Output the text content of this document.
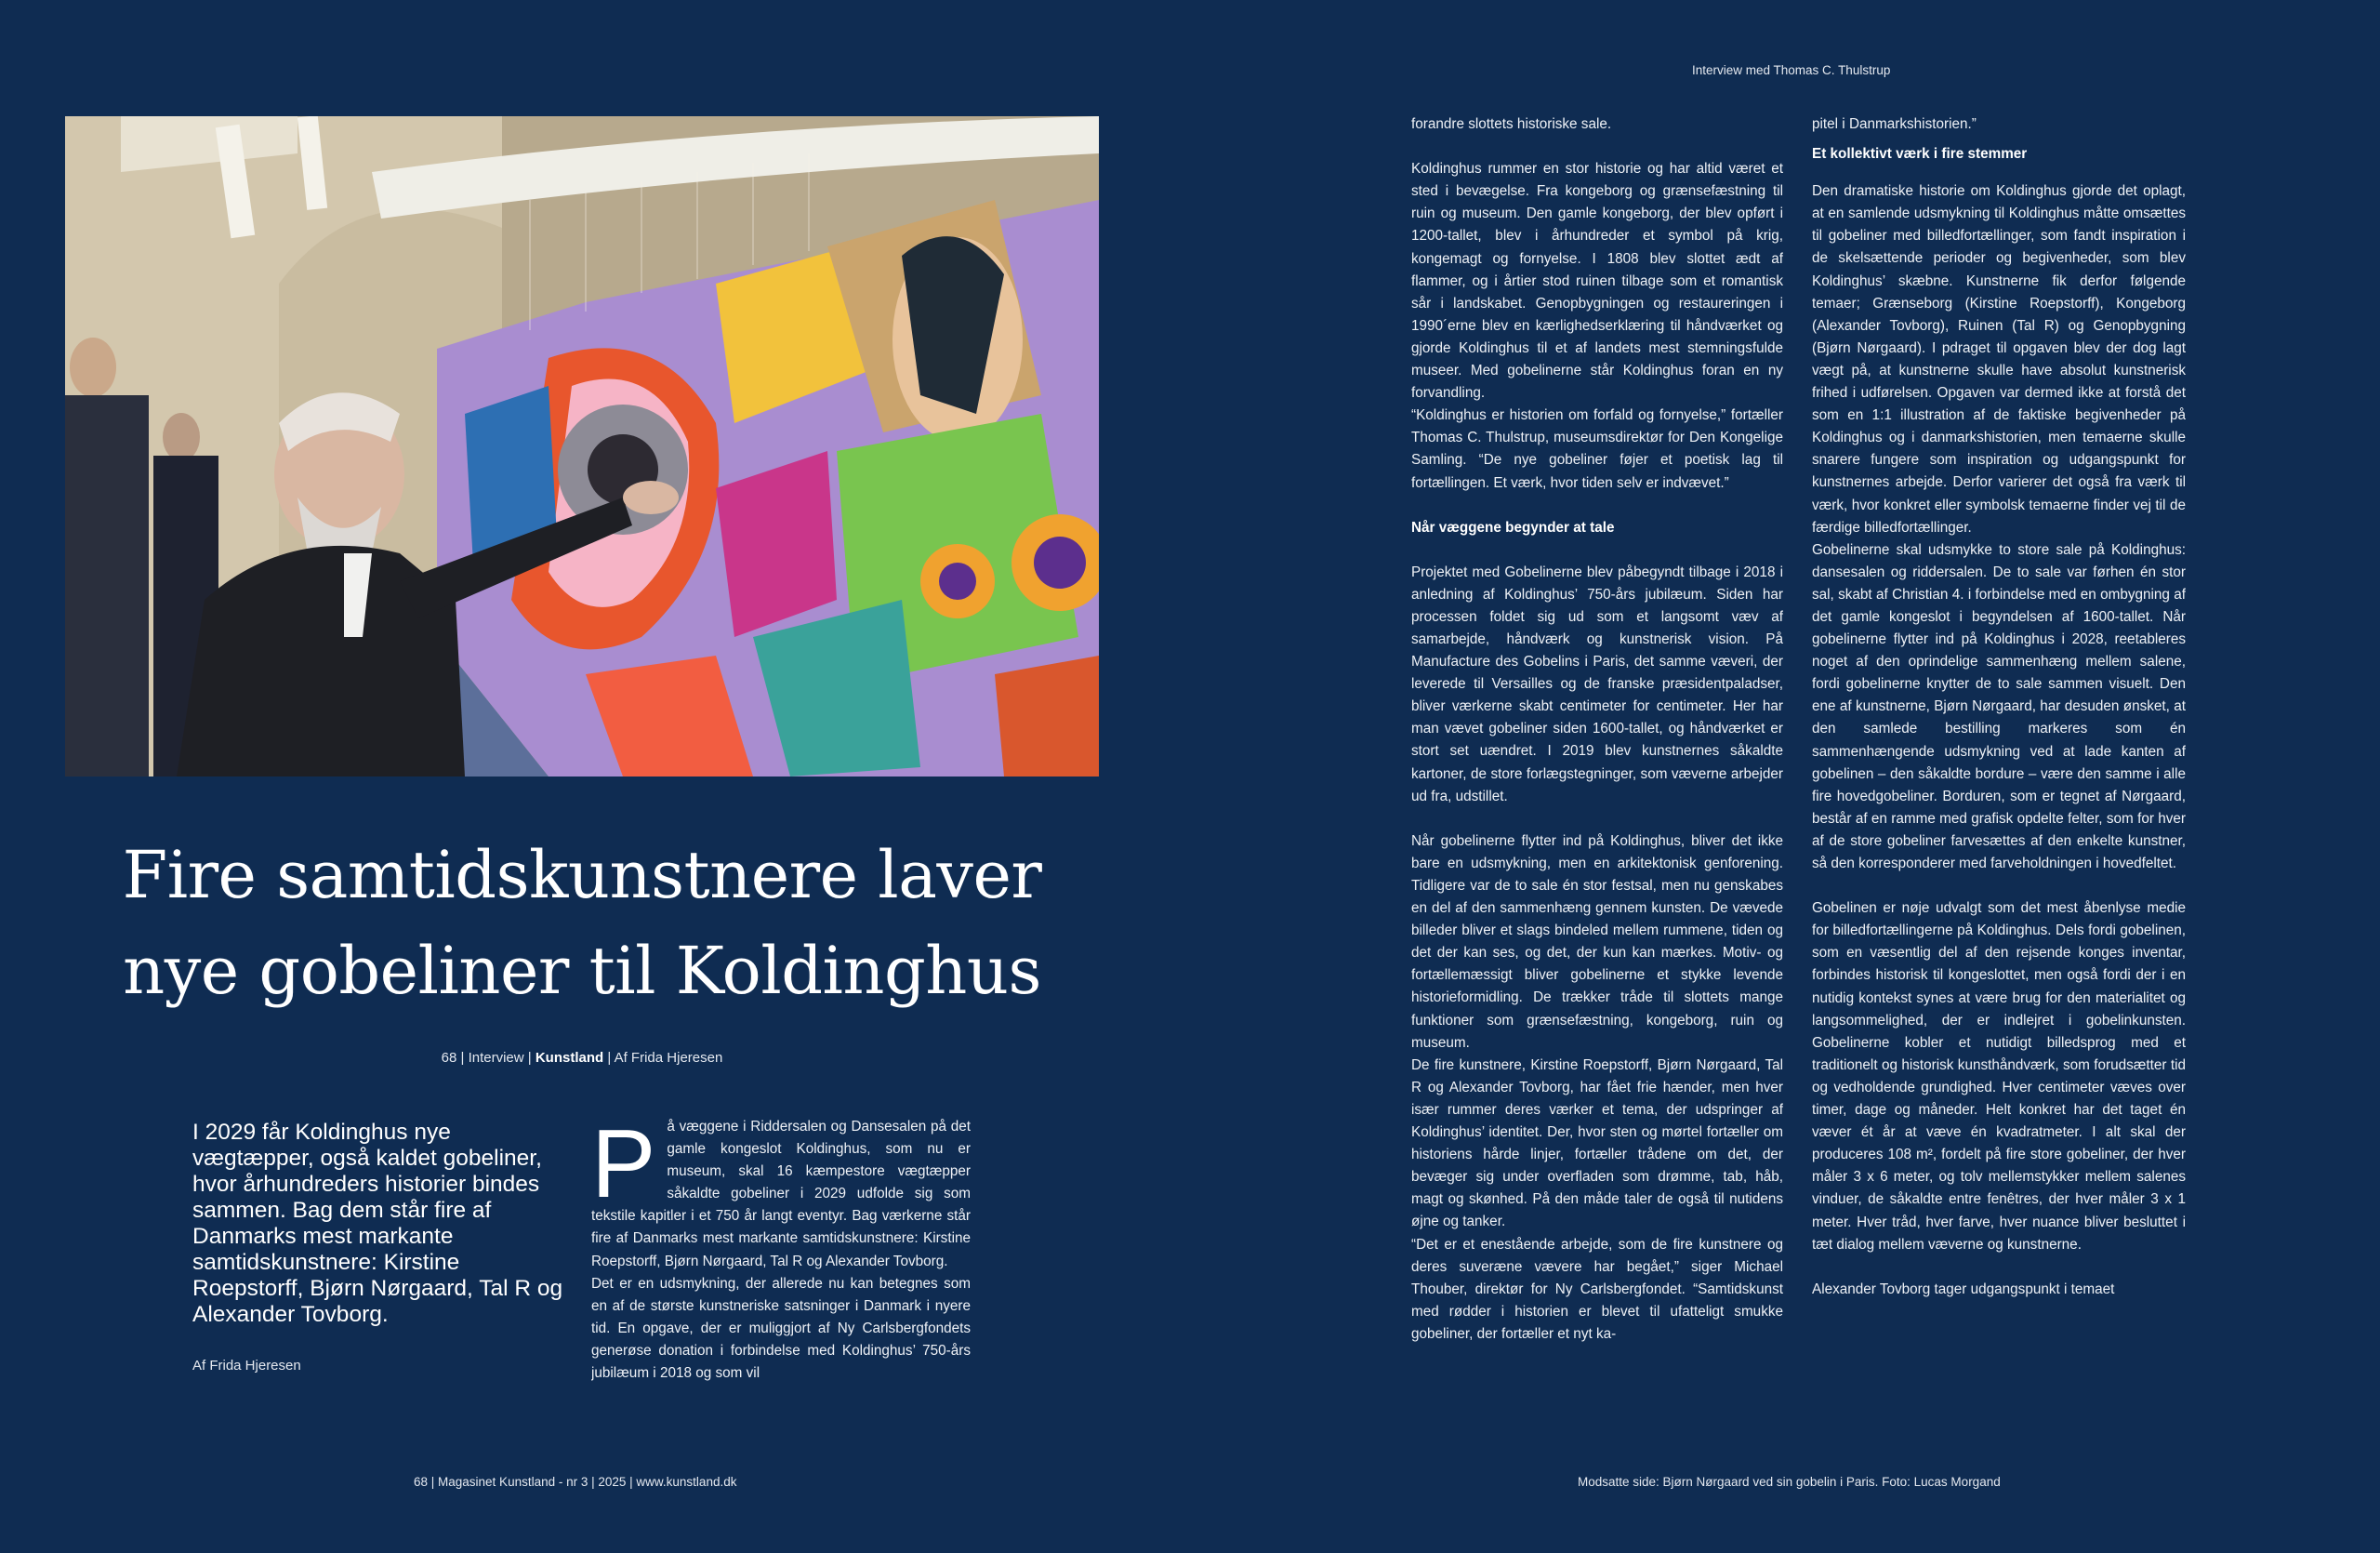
Interview med Thomas C. Thulstrup
Fire samtidskunstnere laver
nye gobeliner til Koldinghus
68 | Interview | Kunstland | Af Frida Hjeresen

I 2029 får Koldinghus nye vægtæpper, også kaldet gobeliner, hvor århundreders historier bindes sammen. Bag dem står fire af Danmarks mest markante samtidskunstnere: Kirstine Roepstorff, Bjørn Nørgaard, Tal R og Alexander Tovborg.

Af Frida Hjeresen
P å væggene i Riddersalen og Dansesalen på det gamle kongeslot Koldinghus, som nu er museum, skal 16 kæmpestore vægtæpper såkaldte gobeliner i 2029 udfolde sig som tekstile kapitler i et 750 år langt eventyr. Bag værkerne står fire af Danmarks mest markante samtidskunstnere: Kirstine Roepstorff, Bjørn Nørgaard, Tal R og Alexander Tovborg.

Det er en udsmykning, der allerede nu kan betegnes som en af de største kunstneriske satsninger i Danmark i nyere tid. En opgave, der er muliggjort af Ny Carlsbergfondets generøse donation i forbindelse med Koldinghus’ 750-års jubilæum i 2018 og som vil

forandre slottets historiske sale.

Koldinghus rummer en stor historie og har altid været et sted i bevægelse. Fra kongeborg og grænsefæstning til ruin og museum. Den gamle kongeborg, der blev opført i 1200-tallet, blev i århundreder et symbol på krig, kongemagt og fornyelse. I 1808 blev slottet ædt af flammer, og i årtier stod ruinen tilbage som et romantisk sår i landskabet. Genopbygningen og restaureringen i 1990´erne blev en kærlighedserklæring til håndværket og gjorde Koldinghus til et af landets mest stemningsfulde museer. Med gobelinerne står Koldinghus foran en ny forvandling.

“Koldinghus er historien om forfald og fornyelse,” fortæller Thomas C. Thulstrup, museumsdirektør for Den Kongelige Samling. “De nye gobeliner føjer et poetisk lag til fortællingen. Et værk, hvor tiden selv er indvævet.”

Når væggene begynder at tale

Projektet med Gobelinerne blev påbegyndt tilbage i 2018 i anledning af Koldinghus’ 750-års jubilæum. Siden har processen foldet sig ud som et langsomt væv af samarbejde, håndværk og kunstnerisk vision. På Manufacture des Gobelins i Paris, det samme væveri, der leverede til Versailles og de franske præsidentpaladser, bliver værkerne skabt centimeter for centimeter. Her har man vævet gobeliner siden 1600-tallet, og håndværket er stort set uændret. I 2019 blev kunstnernes såkaldte kartoner, de store forlægstegninger, som væverne arbejder ud fra, udstillet.

Når gobelinerne flytter ind på Koldinghus, bliver det ikke bare en udsmykning, men en arkitektonisk genforening. Tidligere var de to sale én stor festsal, men nu genskabes en del af den sammenhæng gennem kunsten. De vævede billeder bliver et slags bindeled mellem rummene, tiden og det der kan ses, og det, der kun kan mærkes. Motiv- og fortællemæssigt bliver gobelinerne et stykke levende historieformidling. De trækker tråde til slottets mange funktioner som grænsefæstning, kongeborg, ruin og museum.

De fire kunstnere, Kirstine Roepstorff, Bjørn Nørgaard, Tal R og Alexander Tovborg, har fået frie hænder, men hver især rummer deres værker et tema, der udspringer af Koldinghus’ identitet. Der, hvor sten og mørtel fortæller om historiens hårde linjer, fortæller trådene om det, der bevæger sig under overfladen som drømme, tab, håb, magt og skønhed. På den måde taler de også til nutidens øjne og tanker.

“Det er et enestående arbejde, som de fire kunstnere og deres suveræne vævere har begået,” siger Michael Thouber, direktør for Ny Carlsbergfondet. “Samtidskunst med rødder i historien er blevet til ufatteligt smukke gobeliner, der fortæller et nyt ka-

pitel i Danmarkshistorien.”

Et kollektivt værk i fire stemmer

Den dramatiske historie om Koldinghus gjorde det oplagt, at en samlende udsmykning til Koldinghus måtte omsættes til gobeliner med billedfortællinger, som fandt inspiration i de skelsættende perioder og begivenheder, som blev Koldinghus’ skæbne. Kunstnerne fik derfor følgende temaer; Grænseborg (Kirstine Roepstorff), Kongeborg (Alexander Tovborg), Ruinen (Tal R) og Genopbygning (Bjørn Nørgaard). I pdraget til opgaven blev der dog lagt vægt på, at kunstnerne skulle have absolut kunstnerisk frihed i udførelsen. Opgaven var dermed ikke at forstå det som en 1:1 illustration af de faktiske begivenheder på Koldinghus og i danmarkshistorien, men temaerne skulle snarere fungere som inspiration og udgangspunkt for kunstnernes arbejde. Derfor varierer det også fra værk til værk, hvor konkret eller symbolsk temaerne finder vej til de færdige billedfortællinger.

Gobelinerne skal udsmykke to store sale på Koldinghus: dansesalen og riddersalen. De to sale var førhen én stor sal, skabt af Christian 4. i forbindelse med en ombygning af det gamle kongeslot i begyndelsen af 1600-tallet. Når gobelinerne flytter ind på Koldinghus i 2028, reetableres noget af den oprindelige sammenhæng mellem salene, fordi gobelinerne knytter de to sale sammen visuelt. Den ene af kunstnerne, Bjørn Nørgaard, har desuden ønsket, at den samlede bestilling markeres som én sammenhængende udsmykning ved at lade kanten af gobelinen – den såkaldte bordure – være den samme i alle fire hovedgobeliner. Borduren, som er tegnet af Nørgaard, består af en ramme med grafisk opdelte felter, som for hver af de store gobeliner farvesættes af den enkelte kunstner, så den korresponderer med farveholdningen i hovedfeltet.

Gobelinen er nøje udvalgt som det mest åbenlyse medie for billedfortællingerne på Koldinghus. Dels fordi gobelinen, som en væsentlig del af den rejsende konges inventar, forbindes historisk til kongeslottet, men også fordi der i en nutidig kontekst synes at være brug for den materialitet og langsommelighed, der er indlejret i gobelinkunsten. Gobelinerne kobler et nutidigt billedsprog med et traditionelt og historisk kunsthåndværk, som forudsætter tid og vedholdende grundighed. Hver centimeter væves over timer, dage og måneder. Helt konkret har det taget én væver ét år at væve én kvadratmeter. I alt skal der produceres 108 m², fordelt på fire store gobeliner, der hver måler 3 x 6 meter, og tolv mellemstykker mellem salenes vinduer, de såkaldte entre fenêtres, der hver måler 3 x 1 meter. Hver tråd, hver farve, hver nuance bliver besluttet i tæt dialog mellem væverne og kunstnerne.

Alexander Tovborg tager udgangspunkt i temaet

68 | Magasinet Kunstland - nr 3 | 2025 | www.kunstland.dk	Modsatte side: Bjørn Nørgaard ved sin gobelin i Paris. Foto: Lucas Morgand
